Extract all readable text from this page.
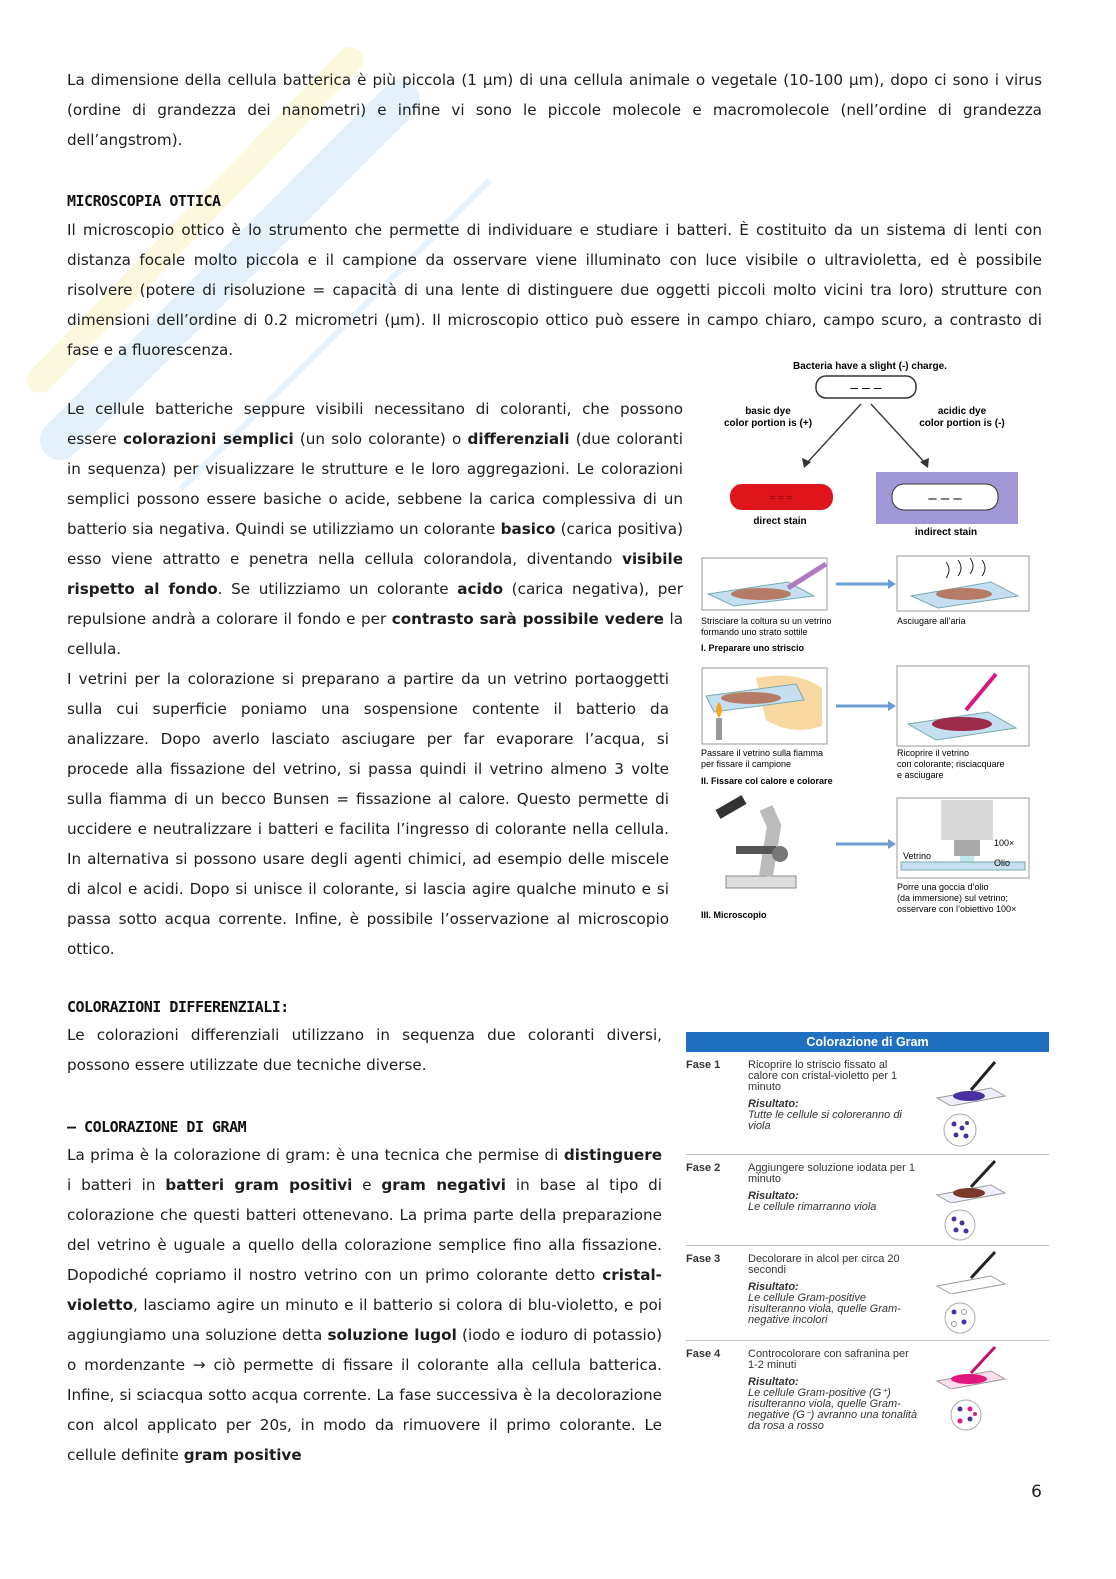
La dimensione della cellula batterica è più piccola (1 µm) di una cellula animale o vegetale (10-100 µm), dopo ci sono i virus (ordine di grandezza dei nanometri) e infine vi sono le piccole molecole e macromolecole (nell’ordine di grandezza dell’angstrom).

MICROSCOPIA OTTICA

Il microscopio ottico è lo strumento che permette di individuare e studiare i batteri. È costituito da un sistema di lenti con distanza focale molto piccola e il campione da osservare viene illuminato con luce visibile o ultravioletta, ed è possibile risolvere (potere di risoluzione = capacità di una lente di distinguere due oggetti piccoli molto vicini tra loro) strutture con dimensioni dell’ordine di 0.2 micrometri (µm). Il microscopio ottico può essere in campo chiaro, campo scuro, a contrasto di fase e a fluorescenza.

Le cellule batteriche seppure visibili necessitano di coloranti, che possono essere colorazioni semplici (un solo colorante) o differenziali (due coloranti in sequenza) per visualizzare le strutture e le loro aggregazioni. Le colorazioni semplici possono essere basiche o acide, sebbene la carica complessiva di un batterio sia negativa. Quindi se utilizziamo un colorante basico (carica positiva) esso viene attratto e penetra nella cellula colorandola, diventando visibile rispetto al fondo. Se utilizziamo un colorante acido (carica negativa), per repulsione andrà a colorare il fondo e per contrasto sarà possibile vedere la cellula.

I vetrini per la colorazione si preparano a partire da un vetrino portaoggetti sulla cui superficie poniamo una sospensione contente il batterio da analizzare. Dopo averlo lasciato asciugare per far evaporare l’acqua, si procede alla fissazione del vetrino, si passa quindi il vetrino almeno 3 volte sulla fiamma di un becco Bunsen = fissazione al calore. Questo permette di uccidere e neutralizzare i batteri e facilita l’ingresso di colorante nella cellula. In alternativa si possono usare degli agenti chimici, ad esempio delle miscele di alcol e acidi. Dopo si unisce il colorante, si lascia agire qualche minuto e si passa sotto acqua corrente. Infine, è possibile l’osservazione al microscopio ottico.

Bacteria have a slight (-) charge.
– – –
basic dye
color portion is (+)
acidic dye
color portion is (-)
= = =
direct stain
– – –
indirect stain
Strisciare la coltura su un vetrino
formando uno strato sottile
Asciugare all’aria
I. Preparare uno striscio
Passare il vetrino sulla fiamma
per fissare il campione
Ricoprire il vetrino
con colorante; risciacquare
e asciugare
II. Fissare col calore e colorare
Vetrino
100×
Olio
Porre una goccia d’olio
(da immersione) sul vetrino;
osservare con l’obiettivo 100×
III. Microscopio
COLORAZIONI DIFFERENZIALI:

Le colorazioni differenziali utilizzano in sequenza due coloranti diversi, possono essere utilizzate due tecniche diverse.

– COLORAZIONE DI GRAM

La prima è la colorazione di gram: è una tecnica che permise di distinguere i batteri in batteri gram positivi e gram negativi in base al tipo di colorazione che questi batteri ottenevano. La prima parte della preparazione del vetrino è uguale a quello della colorazione semplice fino alla fissazione. Dopodiché copriamo il nostro vetrino con un primo colorante detto cristal-violetto, lasciamo agire un minuto e il batterio si colora di blu-violetto, e poi aggiungiamo una soluzione detta soluzione lugol (iodo e ioduro di potassio) o mordenzante → ciò permette di fissare il colorante alla cellula batterica. Infine, si sciacqua sotto acqua corrente. La fase successiva è la decolorazione con alcol applicato per 20s, in modo da rimuovere il primo colorante. Le cellule definite gram positive

Colorazione di Gram
Fase 1	Ricoprire lo striscio fissato al calore con cristal-violetto per 1 minuto
Risultato:
Tutte le cellule si coloreranno di viola
Fase 2	Aggiungere soluzione iodata per 1 minuto
Risultato:
Le cellule rimarranno viola
Fase 3	Decolorare in alcol per circa 20 secondi
Risultato:
Le cellule Gram-positive risulteranno viola, quelle Gram-negative incolori
Fase 4	Controcolorare con safranina per 1-2 minuti
Risultato:
Le cellule Gram-positive (G⁺) risulteranno viola, quelle Gram-negative (G⁻) avranno una tonalità da rosa a rosso
6
